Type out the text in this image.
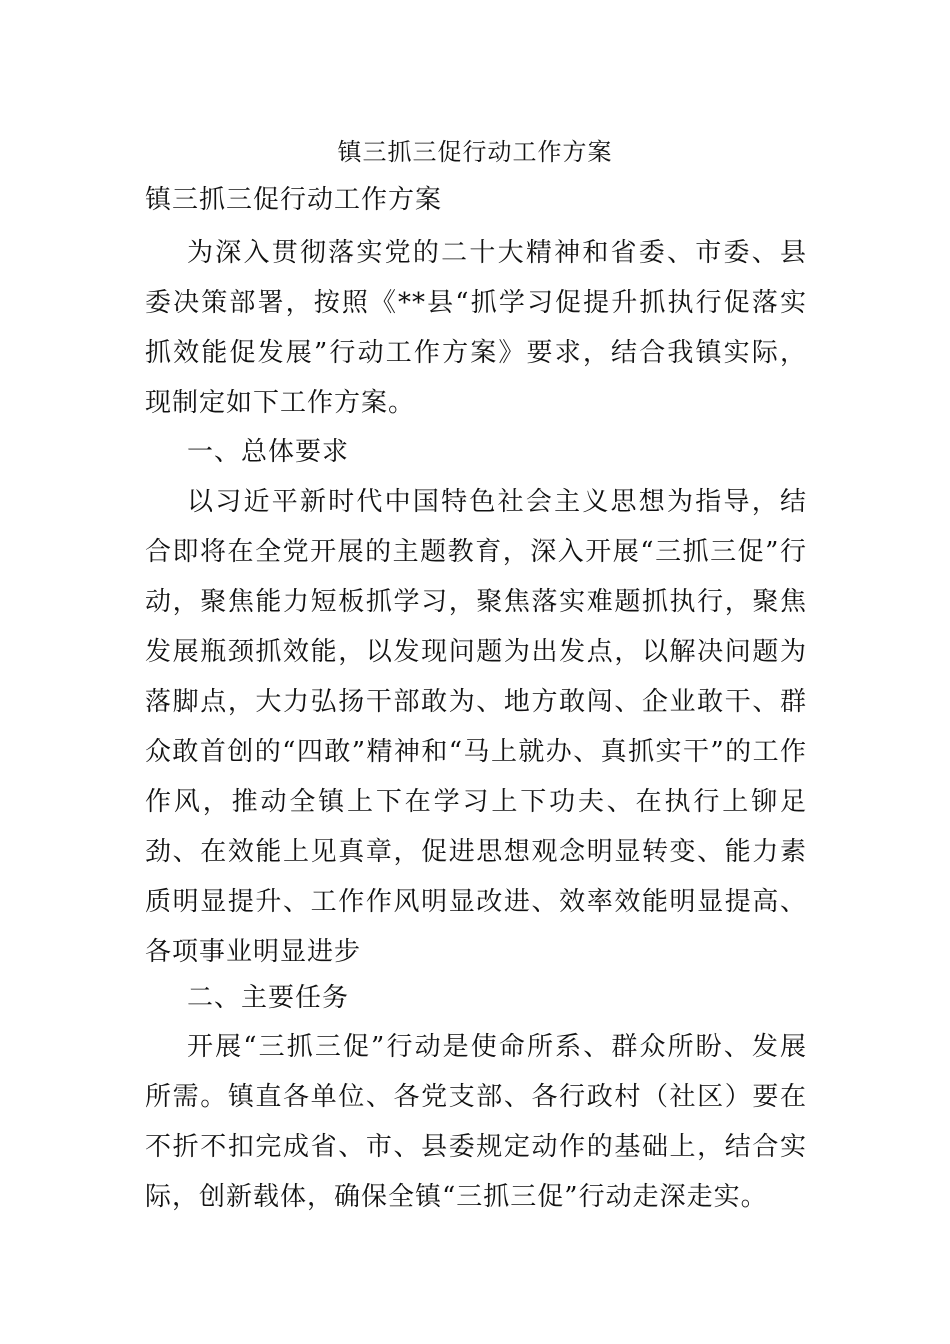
镇三抓三促行动工作方案

镇三抓三促行动工作方案

为深入贯彻落实党的二十大精神和省委、市委、县委决策部署，按照《**县“抓学习促提升抓执行促落实抓效能促发展”行动工作方案》要求，结合我镇实际，现制定如下工作方案。

一、总体要求

以习近平新时代中国特色社会主义思想为指导，结合即将在全党开展的主题教育，深入开展“三抓三促”行动，聚焦能力短板抓学习，聚焦落实难题抓执行，聚焦发展瓶颈抓效能，以发现问题为出发点，以解决问题为落脚点，大力弘扬干部敢为、地方敢闯、企业敢干、群众敢首创的“四敢”精神和“马上就办、真抓实干”的工作作风，推动全镇上下在学习上下功夫、在执行上铆足劲、在效能上见真章，促进思想观念明显转变、能力素质明显提升、工作作风明显改进、效率效能明显提高、各项事业明显进步

二、主要任务

开展“三抓三促”行动是使命所系、群众所盼、发展所需。镇直各单位、各党支部、各行政村（社区）要在不折不扣完成省、市、县委规定动作的基础上，结合实际，创新载体，确保全镇“三抓三促”行动走深走实。
